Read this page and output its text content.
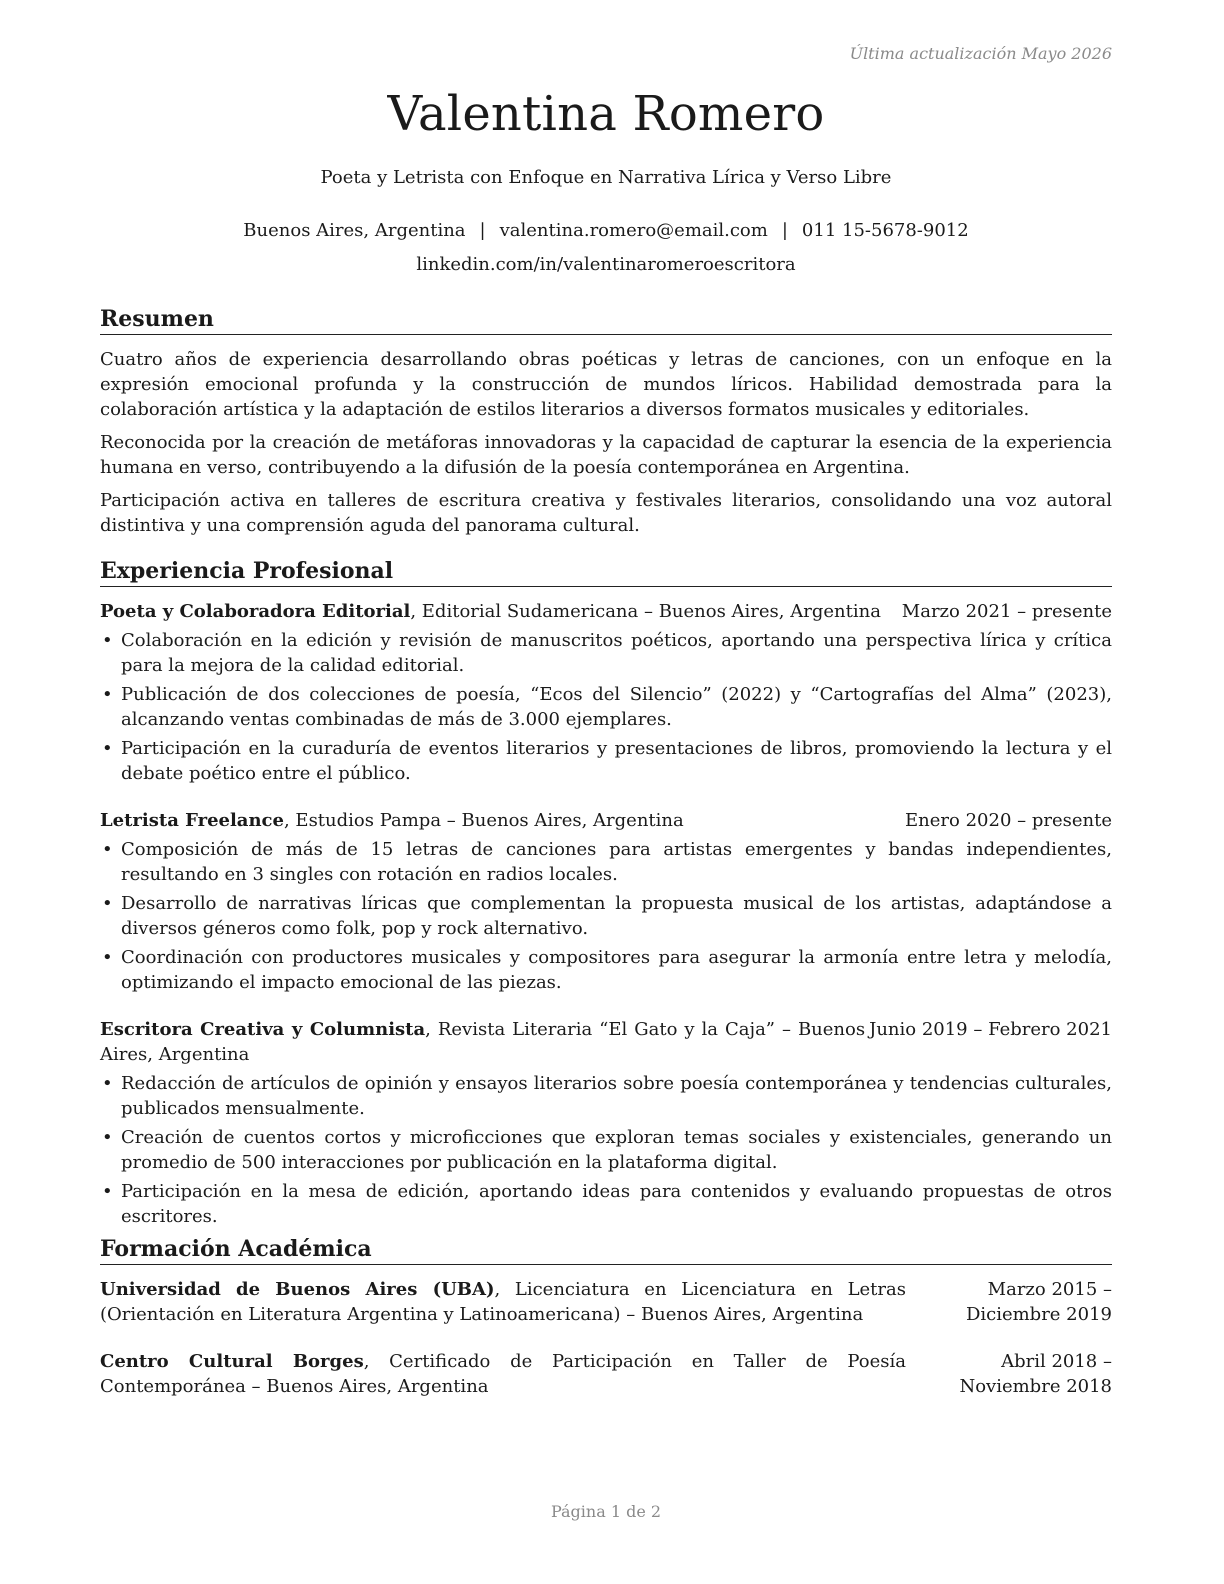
Última actualización Mayo 2026
Valentina Romero
Poeta y Letrista con Enfoque en Narrativa Lírica y Verso Libre
Buenos Aires, Argentina | valentina.romero@email.com | 011 15-5678-9012
linkedin.com/in/valentinaromeroescritora
Resumen

Cuatro años de experiencia desarrollando obras poéticas y letras de canciones, con un enfoque en la expresión emocional profunda y la construcción de mundos líricos. Habilidad demostrada para la colaboración artística y la adaptación de estilos literarios a diversos formatos musicales y editoriales.

Reconocida por la creación de metáforas innovadoras y la capacidad de capturar la esencia de la experiencia humana en verso, contribuyendo a la difusión de la poesía contemporánea en Argentina.

Participación activa en talleres de escritura creativa y festivales literarios, consolidando una voz autoral distintiva y una comprensión aguda del panorama cultural.

Experiencia Profesional
Poeta y Colaboradora Editorial, Editorial Sudamericana – Buenos Aires, Argentina	Marzo 2021 – presente
• Colaboración en la edición y revisión de manuscritos poéticos, aportando una perspectiva lírica y crítica para la mejora de la calidad editorial.
• Publicación de dos colecciones de poesía, “Ecos del Silencio” (2022) y “Cartografías del Alma” (2023), alcanzando ventas combinadas de más de 3.000 ejemplares.
• Participación en la curaduría de eventos literarios y presentaciones de libros, promoviendo la lectura y el debate poético entre el público.
Letrista Freelance, Estudios Pampa – Buenos Aires, Argentina	Enero 2020 – presente
• Composición de más de 15 letras de canciones para artistas emergentes y bandas independientes, resultando en 3 singles con rotación en radios locales.
• Desarrollo de narrativas líricas que complementan la propuesta musical de los artistas, adaptándose a diversos géneros como folk, pop y rock alternativo.
• Coordinación con productores musicales y compositores para asegurar la armonía entre letra y melodía, optimizando el impacto emocional de las piezas.
Escritora Creativa y Columnista, Revista Literaria “El Gato y la Caja” – Buenos Aires, Argentina
Junio 2019 – Febrero 2021
• Redacción de artículos de opinión y ensayos literarios sobre poesía contemporánea y tendencias culturales, publicados mensualmente.
• Creación de cuentos cortos y microficciones que exploran temas sociales y existenciales, generando un promedio de 500 interacciones por publicación en la plataforma digital.
• Participación en la mesa de edición, aportando ideas para contenidos y evaluando propuestas de otros escritores.
Formación Académica
Universidad de Buenos Aires (UBA), Licenciatura en Licenciatura en Letras (Orientación en Literatura Argentina y Latinoamericana) – Buenos Aires, Argentina
Marzo 2015 – Diciembre 2019
Centro Cultural Borges, Certificado de Participación en Taller de Poesía Contemporánea – Buenos Aires, Argentina
Abril 2018 – Noviembre 2018
Página 1 de 2
